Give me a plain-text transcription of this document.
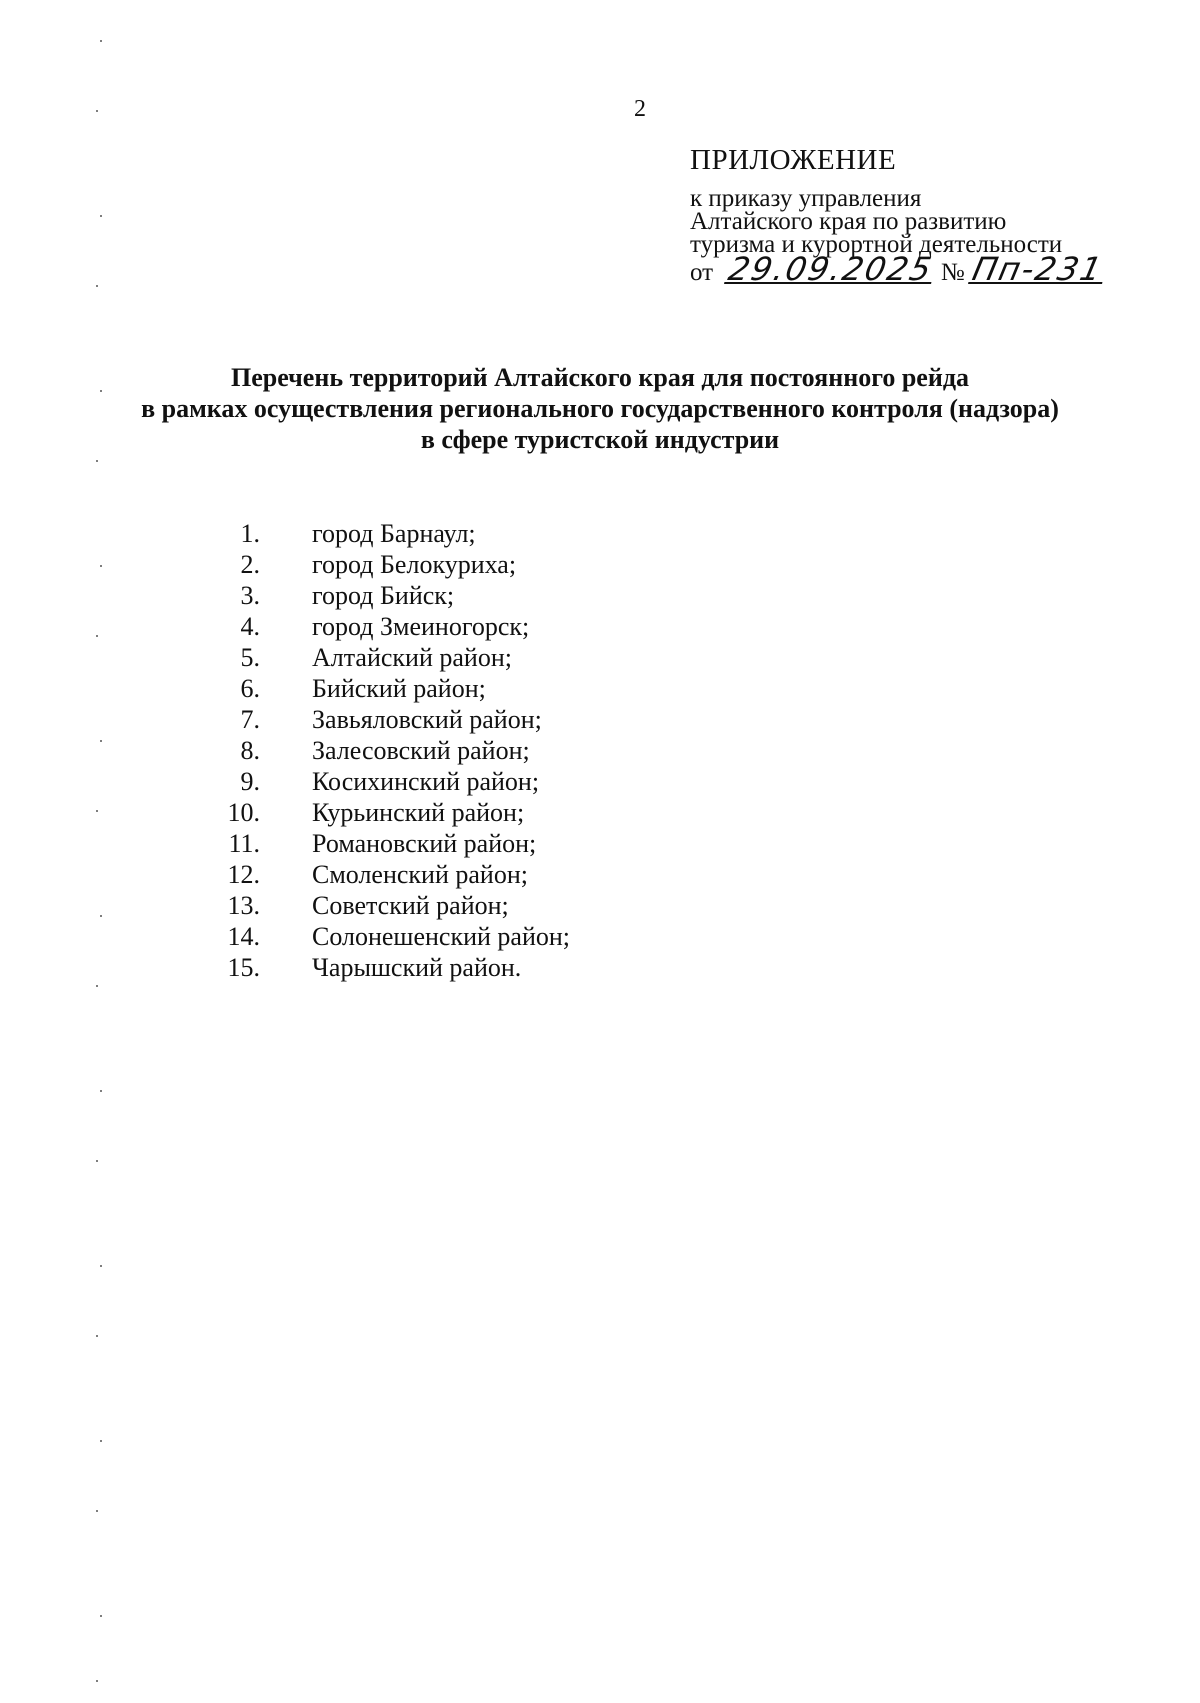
2
ПРИЛОЖЕНИЕ
к приказу управления
Алтайского края по развитию
туризма и курортной деятельности
от 29.09.2025 № Пп-231
Перечень территорий Алтайского края для постоянного рейда
в рамках осуществления регионального государственного контроля (надзора)
в сфере туристской индустрии
1. город Барнаул;
2. город Белокуриха;
3. город Бийск;
4. город Змеиногорск;
5. Алтайский район;
6. Бийский район;
7. Завьяловский район;
8. Залесовский район;
9. Косихинский район;
10. Курьинский район;
11. Романовский район;
12. Смоленский район;
13. Советский район;
14. Солонешенский район;
15. Чарышский район.
